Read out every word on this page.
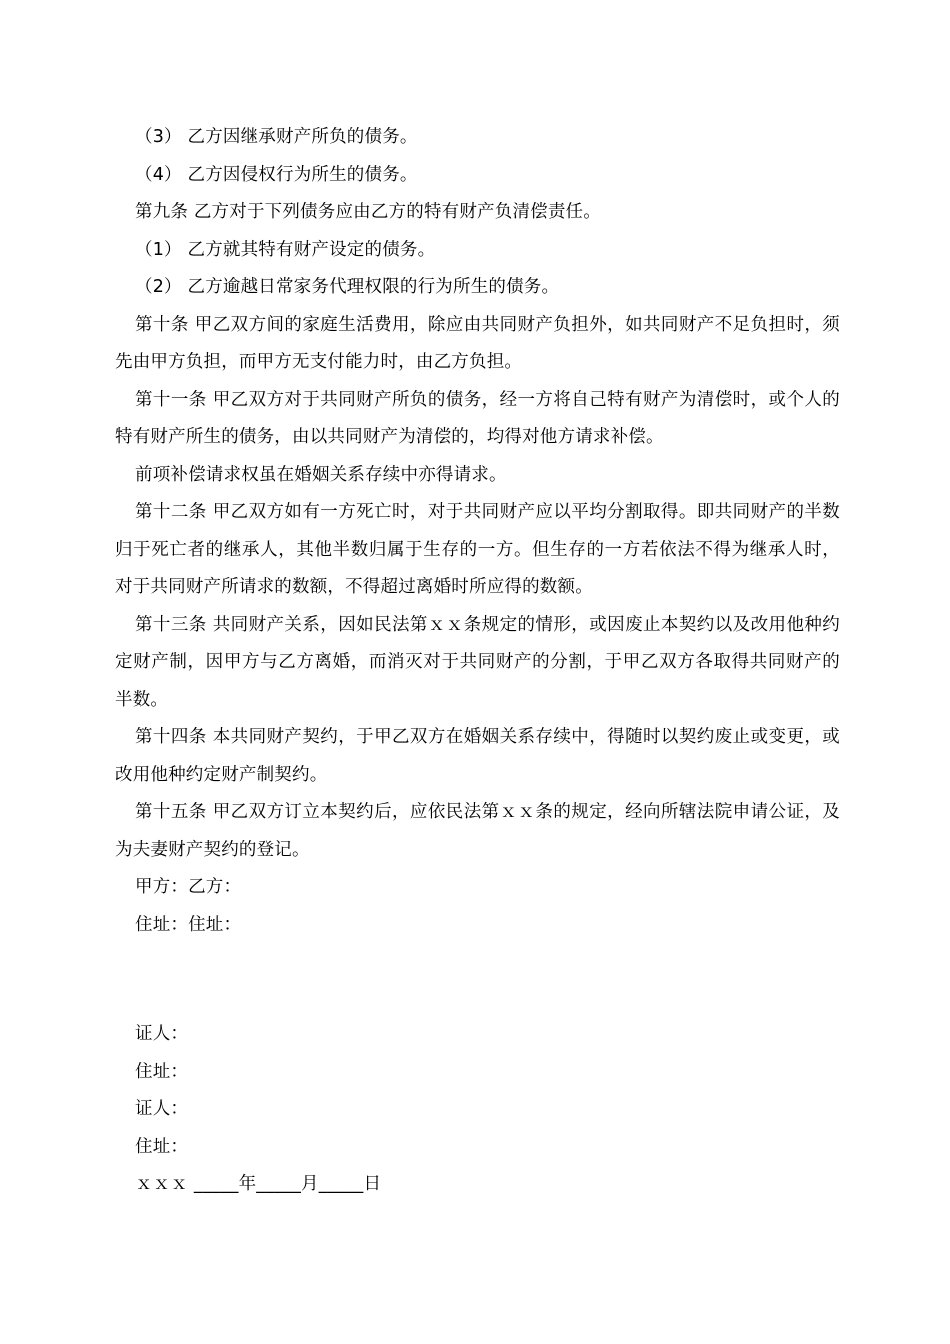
（3） 乙方因继承财产所负的债务。

（4） 乙方因侵权行为所生的债务。

第九条 乙方对于下列债务应由乙方的特有财产负清偿责任。

（1） 乙方就其特有财产设定的债务。

（2） 乙方逾越日常家务代理权限的行为所生的债务。

第十条 甲乙双方间的家庭生活费用，除应由共同财产负担外，如共同财产不足负担时，须先由甲方负担，而甲方无支付能力时，由乙方负担。

第十一条 甲乙双方对于共同财产所负的债务，经一方将自己特有财产为清偿时，或个人的特有财产所生的债务，由以共同财产为清偿的，均得对他方请求补偿。

前项补偿请求权虽在婚姻关系存续中亦得请求。

第十二条 甲乙双方如有一方死亡时，对于共同财产应以平均分割取得。即共同财产的半数归于死亡者的继承人，其他半数归属于生存的一方。但生存的一方若依法不得为继承人时，对于共同财产所请求的数额，不得超过离婚时所应得的数额。

第十三条 共同财产关系，因如民法第ｘｘ条规定的情形，或因废止本契约以及改用他种约定财产制，因甲方与乙方离婚，而消灭对于共同财产的分割，于甲乙双方各取得共同财产的半数。

第十四条 本共同财产契约，于甲乙双方在婚姻关系存续中，得随时以契约废止或变更，或改用他种约定财产制契约。

第十五条 甲乙双方订立本契约后，应依民法第ｘｘ条的规定，经向所辖法院申请公证，及为夫妻财产契约的登记。

甲方：乙方：

住址：住址：

证人：

住址：

证人：

住址：

ｘｘｘ _____年_____月_____日
